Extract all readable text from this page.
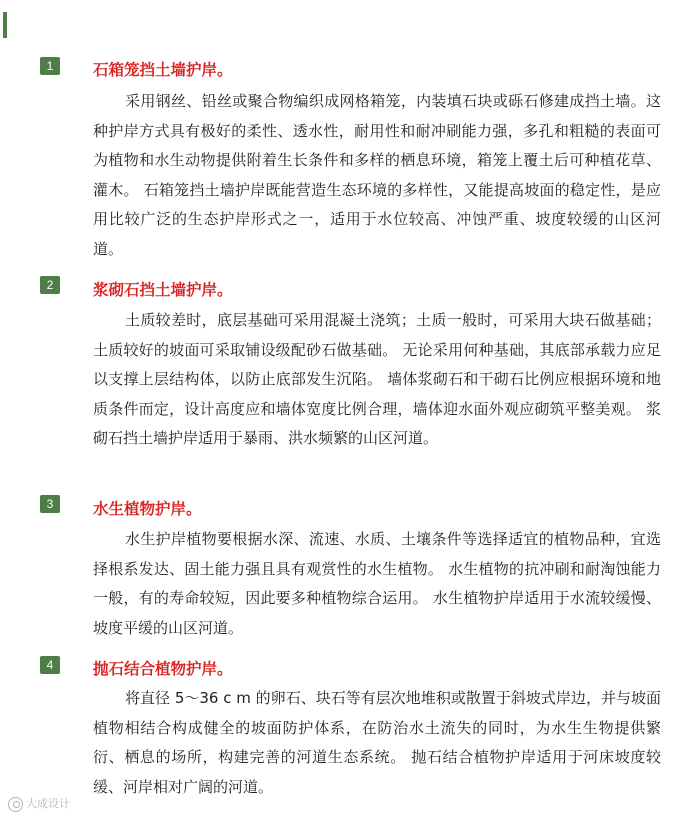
1	石箱笼挡土墙护岸。
采用钢丝、铅丝或聚合物编织成网格箱笼，内装填石块或砾石修建成挡土墙。这种护岸方式具有极好的柔性、透水性，耐用性和耐冲刷能力强，多孔和粗糙的表面可为植物和水生动物提供附着生长条件和多样的栖息环境，箱笼上覆土后可种植花草、灌木。 石箱笼挡土墙护岸既能营造生态环境的多样性，又能提高坡面的稳定性，是应用比较广泛的生态护岸形式之一，适用于水位较高、冲蚀严重、坡度较缓的山区河道。
2	浆砌石挡土墙护岸。
土质较差时，底层基础可采用混凝土浇筑；土质一般时，可采用大块石做基础；土质较好的坡面可采取铺设级配砂石做基础。 无论采用何种基础，其底部承载力应足以支撑上层结构体，以防止底部发生沉陷。 墙体浆砌石和干砌石比例应根据环境和地质条件而定，设计高度应和墙体宽度比例合理，墙体迎水面外观应砌筑平整美观。 浆砌石挡土墙护岸适用于暴雨、洪水频繁的山区河道。
3	水生植物护岸。
水生护岸植物要根据水深、流速、水质、土壤条件等选择适宜的植物品种，宜选择根系发达、固土能力强且具有观赏性的水生植物。 水生植物的抗冲刷和耐淘蚀能力一般，有的寿命较短，因此要多种植物综合运用。 水生植物护岸适用于水流较缓慢、坡度平缓的山区河道。
4	抛石结合植物护岸。
将直径 5～36 c m 的卵石、块石等有层次地堆积或散置于斜坡式岸边，并与坡面植物相结合构成健全的坡面防护体系，在防治水土流失的同时，为水生生物提供繁衍、栖息的场所，构建完善的河道生态系统。 抛石结合植物护岸适用于河床坡度较缓、河岸相对广阔的河道。
大成设计
